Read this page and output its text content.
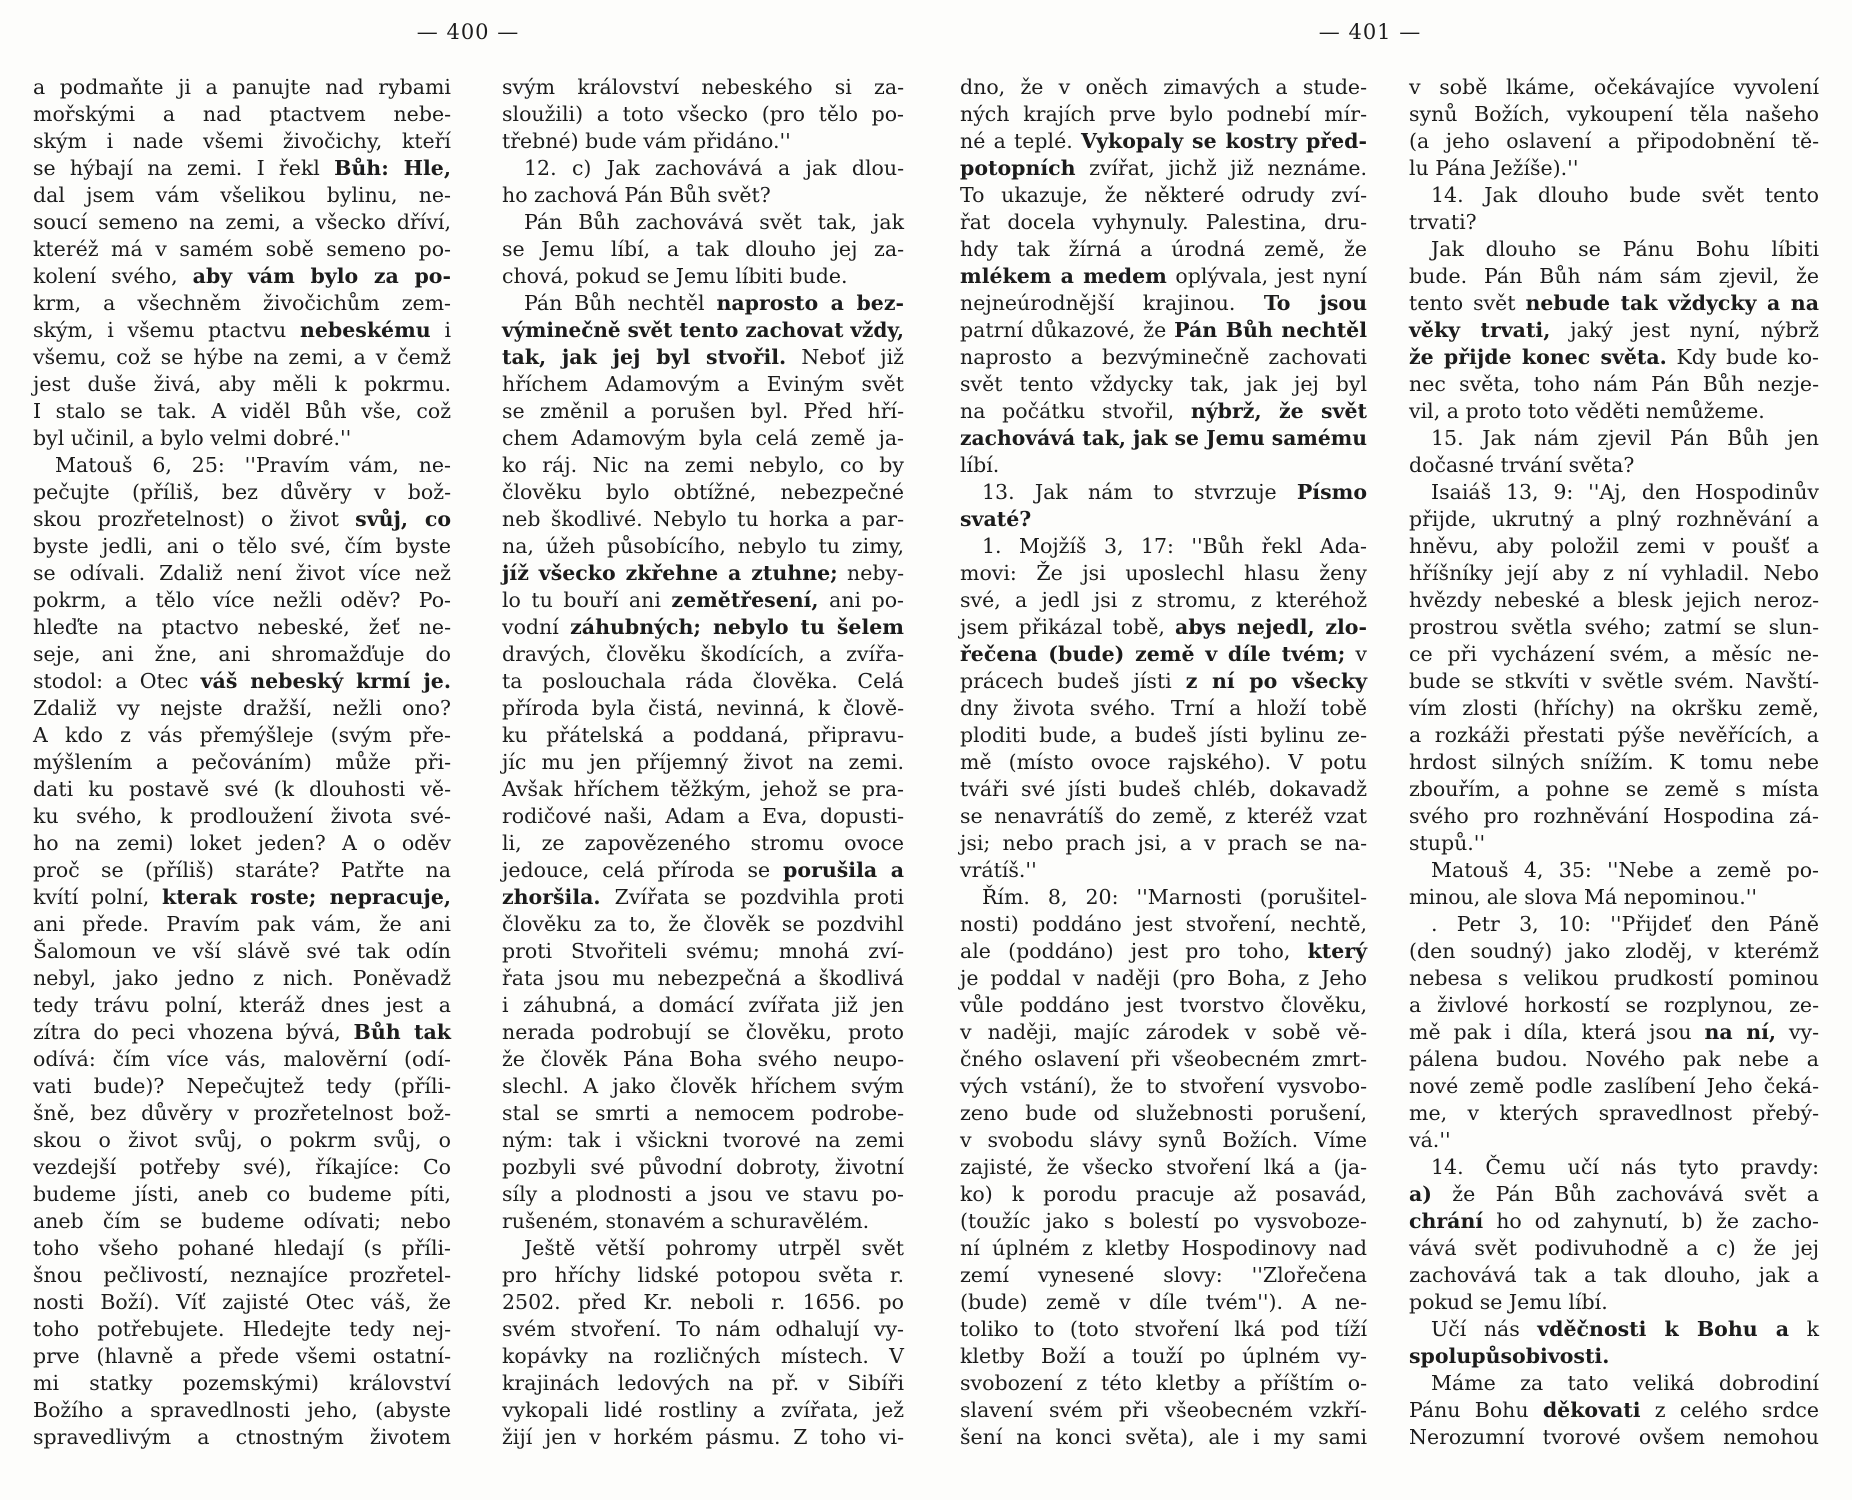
— 400 —
a podmaňte ji a panujte nad rybami
mořskými a nad ptactvem nebe-
ským i nade všemi živočichy, kteří
se hýbají na zemi. I řekl Bůh: Hle,
dal jsem vám všelikou bylinu, ne-
soucí semeno na zemi, a všecko dříví,
kteréž má v samém sobě semeno po-
kolení svého, aby vám bylo za po-
krm, a všechněm živočichům zem-
ským, i všemu ptactvu nebeskému i
všemu, což se hýbe na zemi, a v čemž
jest duše živá, aby měli k pokrmu.
I stalo se tak. A viděl Bůh vše, což
byl učinil, a bylo velmi dobré.''
Matouš 6, 25: ''Pravím vám, ne-
pečujte (příliš, bez důvěry v bož-
skou prozřetelnost) o život svůj, co
byste jedli, ani o tělo své, čím byste
se odívali. Zdaliž není život více než
pokrm, a tělo více nežli oděv? Po-
hleďte na ptactvo nebeské, žeť ne-
seje, ani žne, ani shromažďuje do
stodol: a Otec váš nebeský krmí je.
Zdaliž vy nejste dražší, nežli ono?
A kdo z vás přemýšleje (svým pře-
mýšlením a pečováním) může při-
dati ku postavě své (k dlouhosti vě-
ku svého, k prodloužení života své-
ho na zemi) loket jeden? A o oděv
proč se (příliš) staráte? Patřte na
kvítí polní, kterak roste; nepracuje,
ani přede. Pravím pak vám, že ani
Šalomoun ve vší slávě své tak odín
nebyl, jako jedno z nich. Poněvadž
tedy trávu polní, kteráž dnes jest a
zítra do peci vhozena bývá, Bůh tak
odívá: čím více vás, malověrní (odí-
vati bude)? Nepečujtež tedy (příli-
šně, bez důvěry v prozřetelnost bož-
skou o život svůj, o pokrm svůj, o
vezdejší potřeby své), říkajíce: Co
budeme jísti, aneb co budeme píti,
aneb čím se budeme odívati; nebo
toho všeho pohané hledají (s příli-
šnou pečlivostí, neznajíce prozřetel-
nosti Boží). Víť zajisté Otec váš, že
toho potřebujete. Hledejte tedy nej-
prve (hlavně a přede všemi ostatní-
mi statky pozemskými) království
Božího a spravedlnosti jeho, (abyste
spravedlivým a ctnostným životem
svým království nebeského si za-
sloužili) a toto všecko (pro tělo po-
třebné) bude vám přidáno.''
12. c) Jak zachovává a jak dlou-
ho zachová Pán Bůh svět?
Pán Bůh zachovává svět tak, jak
se Jemu líbí, a tak dlouho jej za-
chová, pokud se Jemu líbiti bude.
Pán Bůh nechtěl naprosto a bez-
výminečně svět tento zachovat vždy,
tak, jak jej byl stvořil. Neboť již
hříchem Adamovým a Eviným svět
se změnil a porušen byl. Před hří-
chem Adamovým byla celá země ja-
ko ráj. Nic na zemi nebylo, co by
člověku bylo obtížné, nebezpečné
neb škodlivé. Nebylo tu horka a par-
na, úžeh působícího, nebylo tu zimy,
jíž všecko zkřehne a ztuhne; neby-
lo tu bouří ani zemětřesení, ani po-
vodní záhubných; nebylo tu šelem
dravých, člověku škodících, a zvířa-
ta poslouchala ráda člověka. Celá
příroda byla čistá, nevinná, k člově-
ku přátelská a poddaná, připravu-
jíc mu jen příjemný život na zemi.
Avšak hříchem těžkým, jehož se pra-
rodičové naši, Adam a Eva, dopusti-
li, ze zapovězeného stromu ovoce
jedouce, celá příroda se porušila a
zhoršila. Zvířata se pozdvihla proti
člověku za to, že člověk se pozdvihl
proti Stvořiteli svému; mnohá zví-
řata jsou mu nebezpečná a škodlivá
i záhubná, a domácí zvířata již jen
nerada podrobují se člověku, proto
že člověk Pána Boha svého neupo-
slechl. A jako člověk hříchem svým
stal se smrti a nemocem podrobe-
ným: tak i všickni tvorové na zemi
pozbyli své původní dobroty, životní
síly a plodnosti a jsou ve stavu po-
rušeném, stonavém a schuravělém.
Ještě větší pohromy utrpěl svět
pro hříchy lidské potopou světa r.
2502. před Kr. neboli r. 1656. po
svém stvoření. To nám odhalují vy-
kopávky na rozličných místech. V
krajinách ledových na př. v Sibíři
vykopali lidé rostliny a zvířata, jež
žijí jen v horkém pásmu. Z toho vi-
— 401 —
dno, že v oněch zimavých a stude-
ných krajích prve bylo podnebí mír-
né a teplé. Vykopaly se kostry před-
potopních zvířat, jichž již neznáme.
To ukazuje, že některé odrudy zví-
řat docela vyhynuly. Palestina, dru-
hdy tak žírná a úrodná země, že
mlékem a medem oplývala, jest nyní
nejneúrodnější krajinou. To jsou
patrní důkazové, že Pán Bůh nechtěl
naprosto a bezvýminečně zachovati
svět tento vždycky tak, jak jej byl
na počátku stvořil, nýbrž, že svět
zachovává tak, jak se Jemu samému
líbí.
13. Jak nám to stvrzuje Písmo
svaté?
1. Mojžíš 3, 17: ''Bůh řekl Ada-
movi: Že jsi uposlechl hlasu ženy
své, a jedl jsi z stromu, z kteréhož
jsem přikázal tobě, abys nejedl, zlo-
řečena (bude) země v díle tvém; v
prácech budeš jísti z ní po všecky
dny života svého. Trní a hloží tobě
ploditi bude, a budeš jísti bylinu ze-
mě (místo ovoce rajského). V potu
tváři své jísti budeš chléb, dokavadž
se nenavrátíš do země, z kteréž vzat
jsi; nebo prach jsi, a v prach se na-
vrátíš.''
Řím. 8, 20: ''Marnosti (porušitel-
nosti) poddáno jest stvoření, nechtě,
ale (poddáno) jest pro toho, který
je poddal v naději (pro Boha, z Jeho
vůle poddáno jest tvorstvo člověku,
v naději, majíc zárodek v sobě vě-
čného oslavení při všeobecném zmrt-
vých vstání), že to stvoření vysvobo-
zeno bude od služebnosti porušení,
v svobodu slávy synů Božích. Víme
zajisté, že všecko stvoření lká a (ja-
ko) k porodu pracuje až posavád,
(toužíc jako s bolestí po vysvoboze-
ní úplném z kletby Hospodinovy nad
zemí vynesené slovy: ''Zlořečena
(bude) země v díle tvém''). A ne-
toliko to (toto stvoření lká pod tíží
kletby Boží a touží po úplném vy-
svobození z této kletby a příštím o-
slavení svém při všeobecném vzkří-
šení na konci světa), ale i my sami
v sobě lkáme, očekávajíce vyvolení
synů Božích, vykoupení těla našeho
(a jeho oslavení a připodobnění tě-
lu Pána Ježíše).''
14. Jak dlouho bude svět tento
trvati?
Jak dlouho se Pánu Bohu líbiti
bude. Pán Bůh nám sám zjevil, že
tento svět nebude tak vždycky a na
věky trvati, jaký jest nyní, nýbrž
že přijde konec světa. Kdy bude ko-
nec světa, toho nám Pán Bůh nezje-
vil, a proto toto věděti nemůžeme.
15. Jak nám zjevil Pán Bůh jen
dočasné trvání světa?
Isaiáš 13, 9: ''Aj, den Hospodinův
přijde, ukrutný a plný rozhněvání a
hněvu, aby položil zemi v poušť a
hříšníky její aby z ní vyhladil. Nebo
hvězdy nebeské a blesk jejich neroz-
prostrou světla svého; zatmí se slun-
ce při vycházení svém, a měsíc ne-
bude se stkvíti v světle svém. Navští-
vím zlosti (hříchy) na okršku země,
a rozkáži přestati pýše nevěřících, a
hrdost silných snížím. K tomu nebe
zbouřím, a pohne se země s místa
svého pro rozhněvání Hospodina zá-
stupů.''
Matouš 4, 35: ''Nebe a země po-
minou, ale slova Má nepominou.''
. Petr 3, 10: ''Přijdeť den Páně
(den soudný) jako zloděj, v kterémž
nebesa s velikou prudkostí pominou
a živlové horkostí se rozplynou, ze-
mě pak i díla, která jsou na ní, vy-
pálena budou. Nového pak nebe a
nové země podle zaslíbení Jeho čeká-
me, v kterých spravedlnost přebý-
vá.''
14. Čemu učí nás tyto pravdy:
a) že Pán Bůh zachovává svět a
chrání ho od zahynutí, b) že zacho-
vává svět podivuhodně a c) že jej
zachovává tak a tak dlouho, jak a
pokud se Jemu líbí.
Učí nás vděčnosti k Bohu a k
spolupůsobivosti.
Máme za tato veliká dobrodiní
Pánu Bohu děkovati z celého srdce
Nerozumní tvorové ovšem nemohou
